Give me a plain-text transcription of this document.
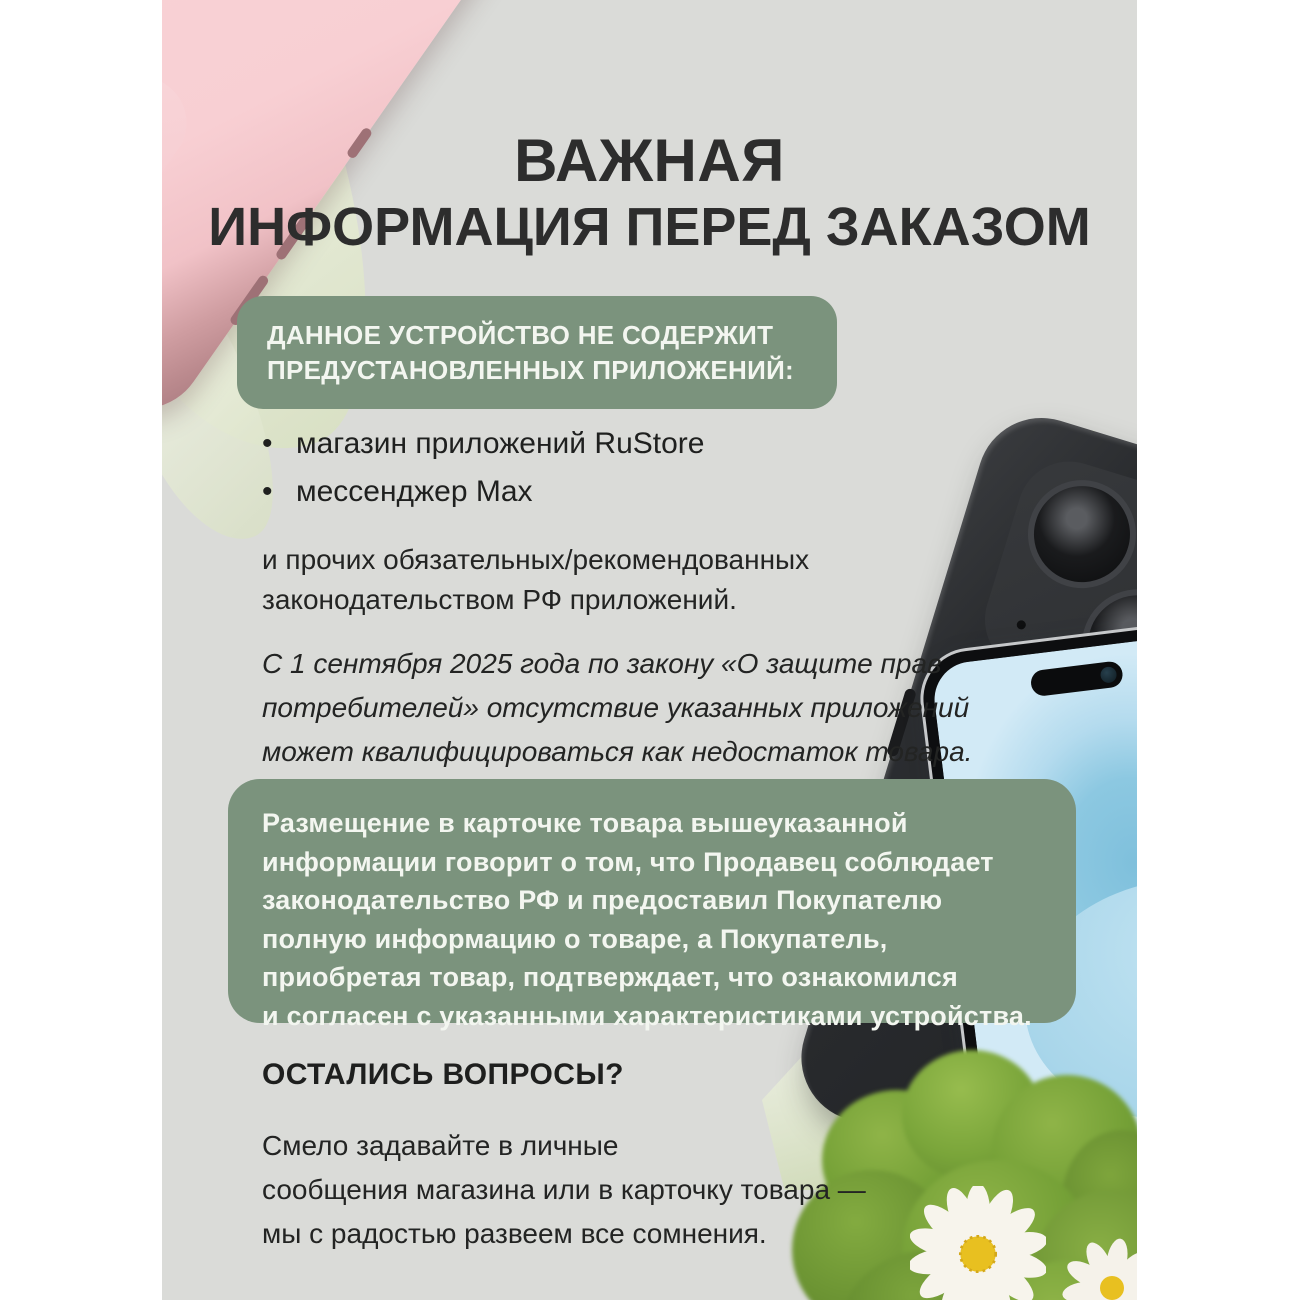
ВАЖНАЯ
ИНФОРМАЦИЯ ПЕРЕД ЗАКАЗОМ
ДАННОЕ УСТРОЙСТВО НЕ СОДЕРЖИТ
ПРЕДУСТАНОВЛЕННЫХ ПРИЛОЖЕНИЙ:
• магазин приложений RuStore
• мессенджер Max
и прочих обязательных/рекомендованных
законодательством РФ приложений.
С 1 сентября 2025 года по закону «О защите прав
потребителей» отсутствие указанных приложений
может квалифицироваться как недостаток товара.
Размещение в карточке товара вышеуказанной
информации говорит о том, что Продавец соблюдает
законодательство РФ и предоставил Покупателю
полную информацию о товаре, а Покупатель,
приобретая товар, подтверждает, что ознакомился
и согласен с указанными характеристиками устройства.
ОСТАЛИСЬ ВОПРОСЫ?
Смело задавайте в личные
сообщения магазина или в карточку товара —
мы с радостью развеем все сомнения.
